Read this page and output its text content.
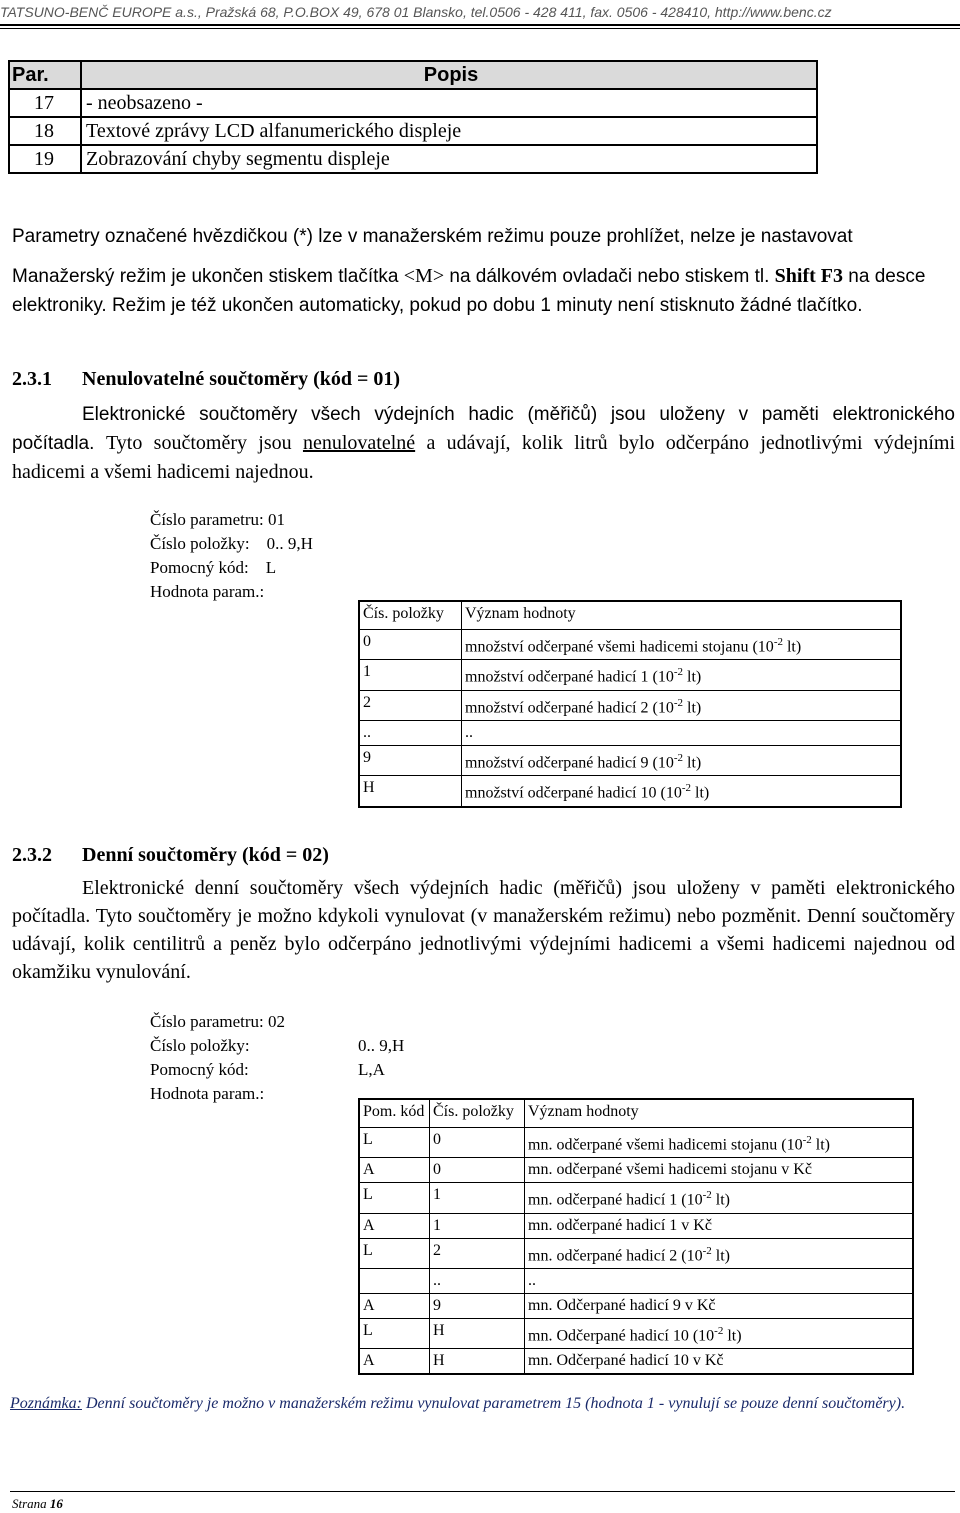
TATSUNO-BENČ EUROPE a.s., Pražská 68, P.O.BOX 49, 678 01 Blansko, tel.0506 - 428 411, fax. 0506 - 428410, http://www.benc.cz
Par.	Popis
17	- neobsazeno -
18	Textové zprávy LCD alfanumerického displeje
19	Zobrazování chyby segmentu displeje
Parametry označené hvězdičkou (*) lze v manažerském režimu pouze prohlížet, nelze je nastavovat
Manažerský režim je ukončen stiskem tlačítka <M> na dálkovém ovladači nebo stiskem tl. Shift F3 na desce elektroniky. Režim je též ukončen automaticky, pokud po dobu 1 minuty není stisknuto žádné tlačítko.
2.3.1 Nenulovatelné součtoměry (kód = 01)
Elektronické součtoměry všech výdejních hadic (měřičů) jsou uloženy v paměti elektronického počítadla. Tyto součtoměry jsou nenulovatelné a udávají, kolik litrů bylo odčerpáno jednotlivými výdejními hadicemi a všemi hadicemi najednou.
Číslo parametru: 01
Číslo položky:    0.. 9,H
Pomocný kód:    L
Hodnota param.:
Čís. položky	Význam hodnoty
0	množství odčerpané všemi hadicemi stojanu ($10^{-2}$ lt)
1	množství odčerpané hadicí 1 ($10^{-2}$ lt)
2	množství odčerpané hadicí 2 ($10^{-2}$ lt)
..	..
9	množství odčerpané hadicí 9 ($10^{-2}$ lt)
H	množství odčerpané hadicí 10 ($10^{-2}$ lt)
2.3.2 Denní součtoměry (kód = 02)
Elektronické denní součtoměry všech výdejních hadic (měřičů) jsou uloženy v paměti elektronického počítadla. Tyto součtoměry je možno kdykoli vynulovat (v manažerském režimu) nebo pozměnit. Denní součtoměry udávají, kolik centilitrů a peněz bylo odčerpáno jednotlivými výdejními hadicemi a všemi hadicemi najednou od okamžiku vynulování.
Číslo parametru: 02
Číslo položky:	0.. 9,H
Pomocný kód:	L,A
Hodnota param.:
Pom. kód	Čís. položky	Význam hodnoty
L	0	mn. odčerpané všemi hadicemi stojanu ($10^{-2}$ lt)
A	0	mn. odčerpané všemi hadicemi stojanu v Kč
L	1	mn. odčerpané hadicí 1 ($10^{-2}$ lt)
A	1	mn. odčerpané hadicí 1 v Kč
L	2	mn. odčerpané hadicí 2 ($10^{-2}$ lt)
	..	..
A	9	mn. Odčerpané hadicí 9 v Kč
L	H	mn. Odčerpané hadicí 10 ($10^{-2}$ lt)
A	H	mn. Odčerpané hadicí 10 v Kč
Poznámka: Denní součtoměry je možno v manažerském režimu vynulovat parametrem 15 (hodnota 1 - vynulují se pouze denní součtoměry).
Strana 16
